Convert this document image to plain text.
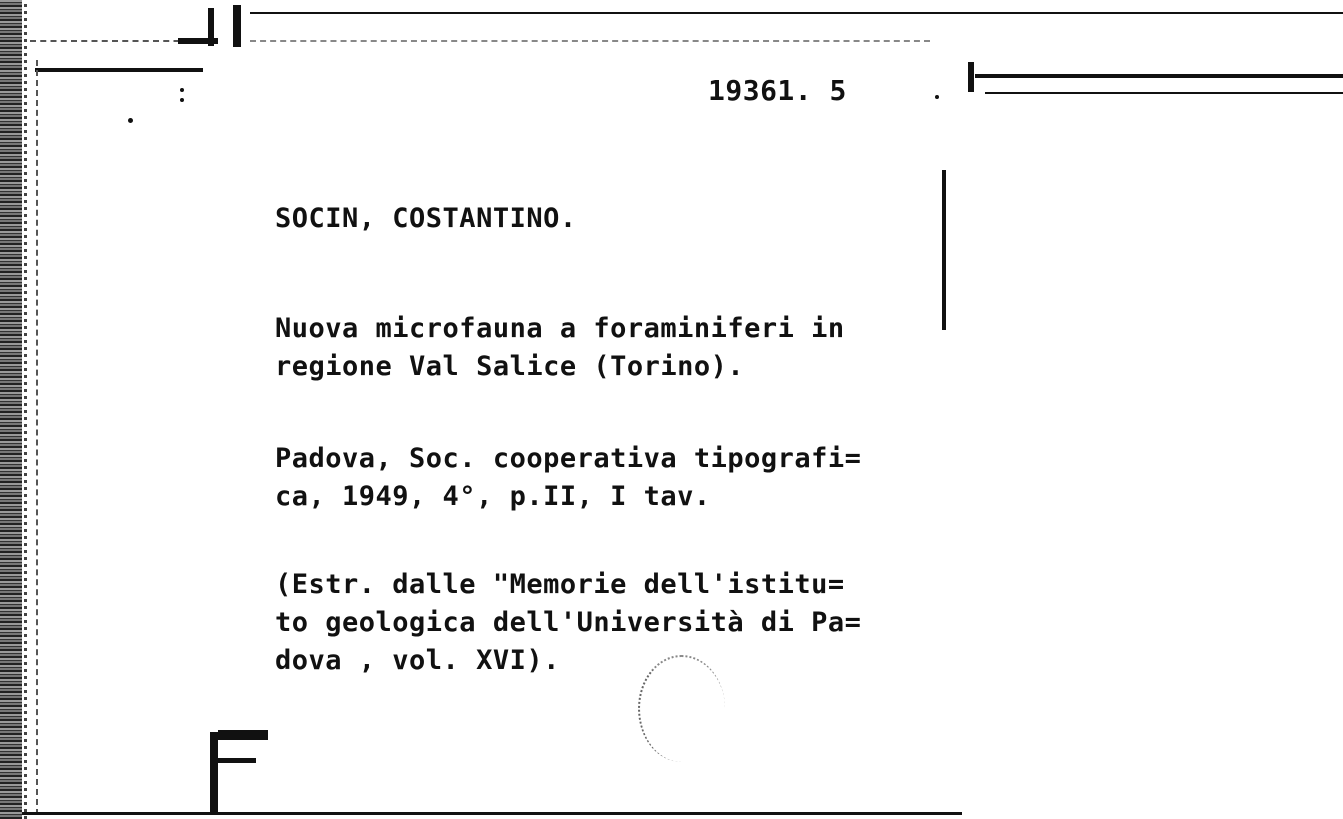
19361. 5
SOCIN, COSTANTINO.
Nuova microfauna a foraminiferi in
regione Val Salice (Torino).
Padova, Soc. cooperativa tipografi=
ca, 1949, 4°, p.II, I tav.
(Estr. dalle "Memorie dell'istitu=
to geologica dell'Università di Pa=
dova , vol. XVI).
